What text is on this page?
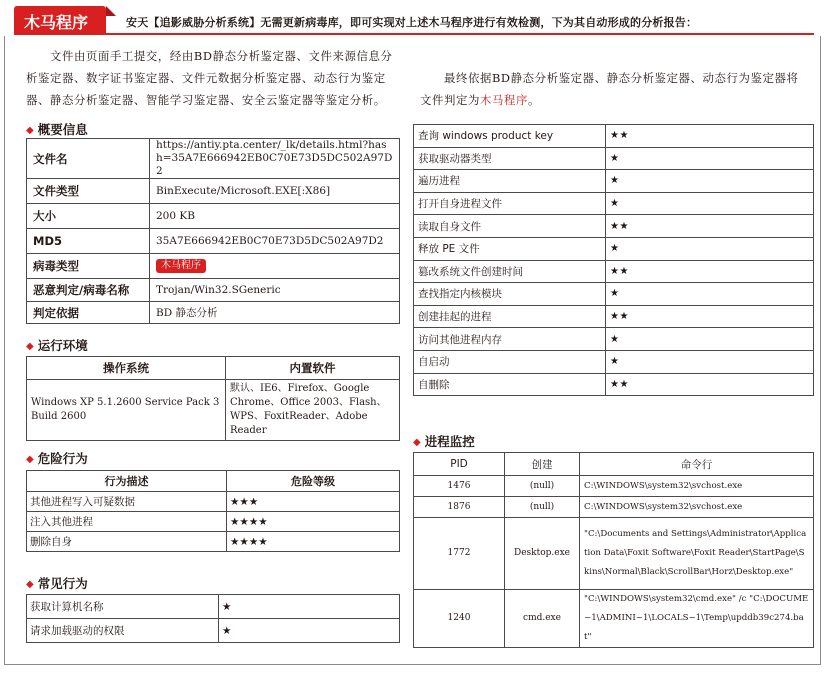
木马程序	安天【追影威胁分析系统】无需更新病毒库，即可实现对上述木马程序进行有效检测，下为其自动形成的分析报告：

文件由页面手工提交，经由BD静态分析鉴定器、文件来源信息分析鉴定器、数字证书鉴定器、文件元数据分析鉴定器、动态行为鉴定器、静态分析鉴定器、智能学习鉴定器、安全云鉴定器等鉴定分析。

最终依据BD静态分析鉴定器、静态分析鉴定器、动态行为鉴定器将文件判定为木马程序。

◆ 概要信息
文件名	https://antiy.pta.center/_lk/details.html?hash=35A7E666942EB0C70E73D5DC502A97D2
文件类型	BinExecute/Microsoft.EXE[:X86]
大小	200 KB
MD5	35A7E666942EB0C70E73D5DC502A97D2
病毒类型	木马程序
恶意判定/病毒名称	Trojan/Win32.SGeneric
判定依据	BD 静态分析
◆ 运行环境
操作系统	内置软件
Windows XP 5.1.2600 Service Pack 3 Build 2600	默认、IE6、Firefox、Google Chrome、Office 2003、Flash、WPS、FoxitReader、Adobe Reader
◆ 危险行为
行为描述	危险等级
其他进程写入可疑数据	★★★
注入其他进程	★★★★
删除自身	★★★★
◆ 常见行为
获取计算机名称	★
请求加载驱动的权限	★
查询 windows product key	★★
获取驱动器类型	★
遍历进程	★
打开自身进程文件	★
读取自身文件	★★
释放 PE 文件	★
篡改系统文件创建时间	★★
查找指定内核模块	★
创建挂起的进程	★★
访问其他进程内存	★
自启动	★
自删除	★★
◆ 进程监控
PID	创建	命令行
1476	(null)	C:\WINDOWS\system32\svchost.exe
1876	(null)	C:\WINDOWS\system32\svchost.exe
1772	Desktop.exe	"C:\Documents and Settings\Administrator\Application Data\Foxit Software\Foxit Reader\StartPage\Skins\Normal\Black\ScrollBar\Horz\Desktop.exe"
1240	cmd.exe	"C:\WINDOWS\system32\cmd.exe" /c "C:\DOCUME~1\ADMINI~1\LOCALS~1\Temp\upddb39c274.bat"
